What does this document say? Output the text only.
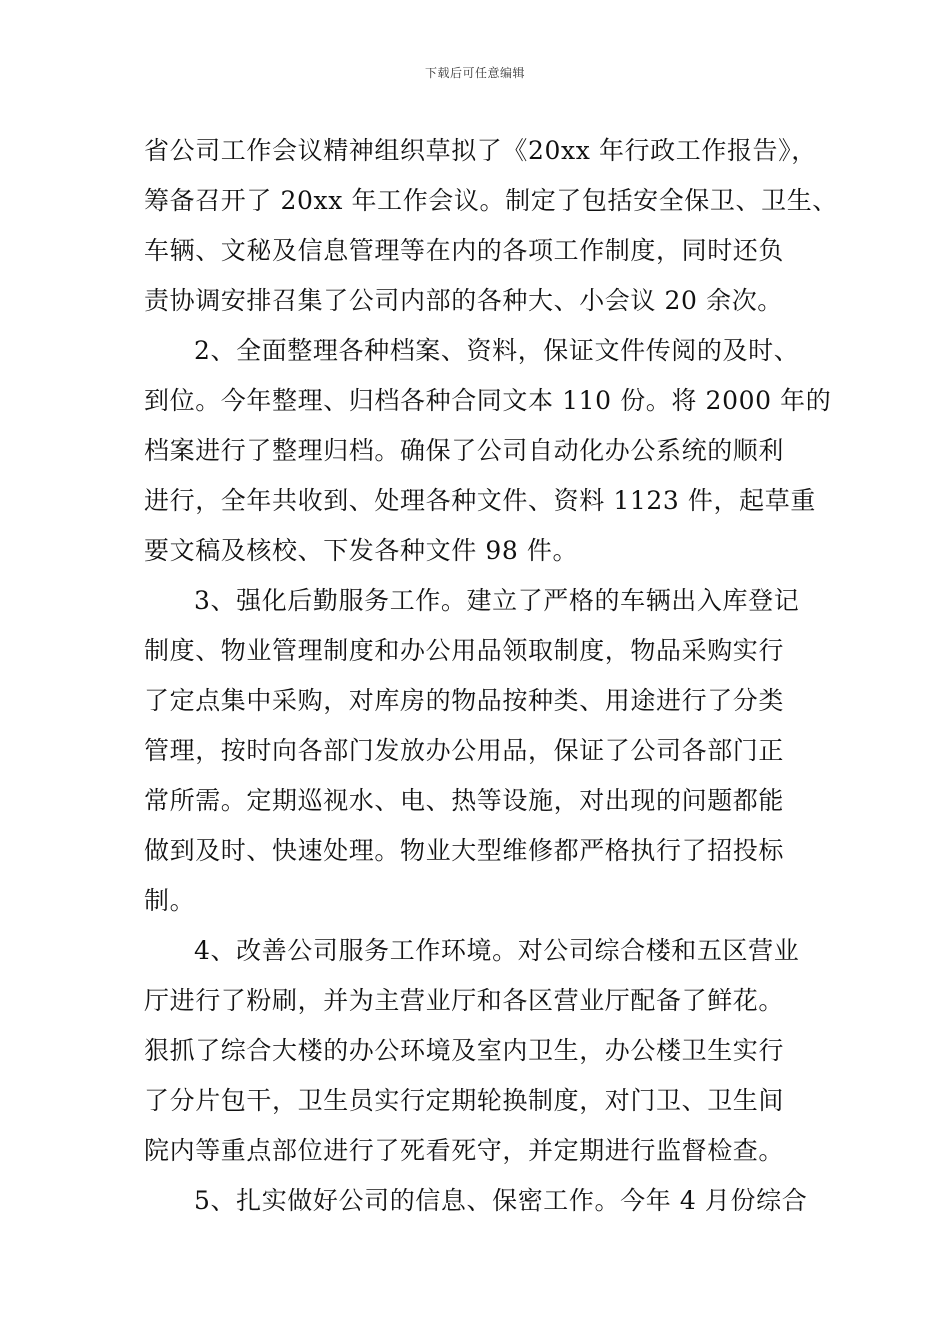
下载后可任意编辑
省公司工作会议精神组织草拟了《20xx 年行政工作报告》，
筹备召开了 20xx 年工作会议。制定了包括安全保卫、卫生、
车辆、文秘及信息管理等在内的各项工作制度，同时还负
责协调安排召集了公司内部的各种大、小会议 20 余次。
2、全面整理各种档案、资料，保证文件传阅的及时、
到位。今年整理、归档各种合同文本 110 份。将 2000 年的
档案进行了整理归档。确保了公司自动化办公系统的顺利
进行，全年共收到、处理各种文件、资料 1123 件，起草重
要文稿及核校、下发各种文件 98 件。
3、强化后勤服务工作。建立了严格的车辆出入库登记
制度、物业管理制度和办公用品领取制度，物品采购实行
了定点集中采购，对库房的物品按种类、用途进行了分类
管理，按时向各部门发放办公用品，保证了公司各部门正
常所需。定期巡视水、电、热等设施，对出现的问题都能
做到及时、快速处理。物业大型维修都严格执行了招投标
制。
4、改善公司服务工作环境。对公司综合楼和五区营业
厅进行了粉刷，并为主营业厅和各区营业厅配备了鲜花。
狠抓了综合大楼的办公环境及室内卫生，办公楼卫生实行
了分片包干，卫生员实行定期轮换制度，对门卫、卫生间
院内等重点部位进行了死看死守，并定期进行监督检查。
5、扎实做好公司的信息、保密工作。今年 4 月份综合
